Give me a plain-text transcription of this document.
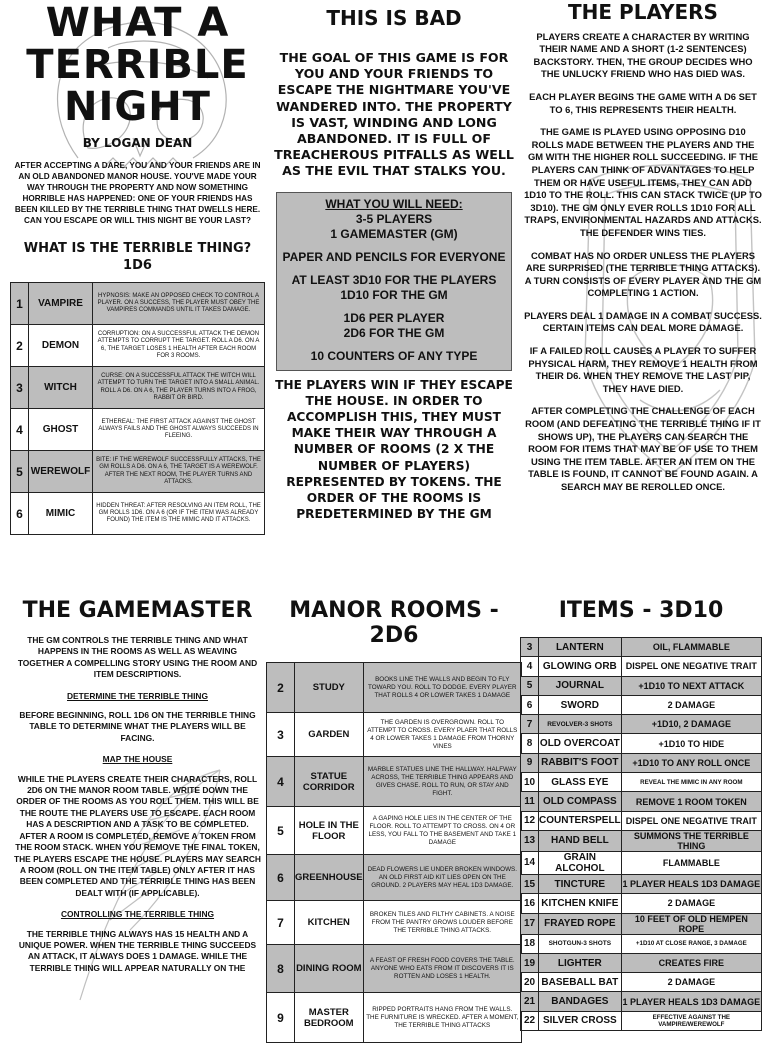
WHAT A TERRIBLE NIGHT
BY LOGAN DEAN
AFTER ACCEPTING A DARE, YOU AND YOUR FRIENDS ARE IN AN OLD ABANDONED MANOR HOUSE. YOU'VE MADE YOUR WAY THROUGH THE PROPERTY AND NOW SOMETHING HORRIBLE HAS HAPPENED: ONE OF YOUR FRIENDS HAS BEEN KILLED BY THE TERRIBLE THING THAT DWELLS HERE. CAN YOU ESCAPE OR WILL THIS NIGHT BE YOUR LAST?
WHAT IS THE TERRIBLE THING?
1D6
1	VAMPIRE	HYPNOSIS: MAKE AN OPPOSED CHECK TO CONTROL A PLAYER. ON A SUCCESS, THE PLAYER MUST OBEY THE VAMPIRES COMMANDS UNTIL IT TAKES DAMAGE.
2	DEMON	CORRUPTION: ON A SUCCESSFUL ATTACK THE DEMON ATTEMPTS TO CORRUPT THE TARGET. ROLL A D6. ON A 6, THE TARGET LOSES 1 HEALTH AFTER EACH ROOM FOR 3 ROOMS.
3	WITCH	CURSE: ON A SUCCESSFUL ATTACK THE WITCH WILL ATTEMPT TO TURN THE TARGET INTO A SMALL ANIMAL. ROLL A D6. ON A 6, THE PLAYER TURNS INTO A FROG, RABBIT OR BIRD.
4	GHOST	ETHEREAL: THE FIRST ATTACK AGAINST THE GHOST ALWAYS FAILS AND THE GHOST ALWAYS SUCCEEDS IN FLEEING.
5	WEREWOLF	BITE: IF THE WEREWOLF SUCCESSFULLY ATTACKS, THE GM ROLLS A D6. ON A 6, THE TARGET IS A WEREWOLF. AFTER THE NEXT ROOM, THE PLAYER TURNS AND ATTACKS.
6	MIMIC	HIDDEN THREAT: AFTER RESOLVING AN ITEM ROLL, THE GM ROLLS 1D6. ON A 6 (OR IF THE ITEM WAS ALREADY FOUND) THE ITEM IS THE MIMIC AND IT ATTACKS.
THIS IS BAD
THE GOAL OF THIS GAME IS FOR YOU AND YOUR FRIENDS TO ESCAPE THE NIGHTMARE YOU'VE WANDERED INTO. THE PROPERTY IS VAST, WINDING AND LONG ABANDONED. IT IS FULL OF TREACHEROUS PITFALLS AS WELL AS THE EVIL THAT STALKS YOU.
WHAT YOU WILL NEED:
3-5 PLAYERS
1 GAMEMASTER (GM)
PAPER AND PENCILS FOR EVERYONE
AT LEAST 3D10 FOR THE PLAYERS
1D10 FOR THE GM
1D6 PER PLAYER
2D6 FOR THE GM
10 COUNTERS OF ANY TYPE
THE PLAYERS WIN IF THEY ESCAPE THE HOUSE. IN ORDER TO ACCOMPLISH THIS, THEY MUST MAKE THEIR WAY THROUGH A NUMBER OF ROOMS (2 X THE NUMBER OF PLAYERS) REPRESENTED BY TOKENS. THE ORDER OF THE ROOMS IS PREDETERMINED BY THE GM
THE PLAYERS
PLAYERS CREATE A CHARACTER BY WRITING THEIR NAME AND A SHORT (1-2 SENTENCES) BACKSTORY. THEN, THE GROUP DECIDES WHO THE UNLUCKY FRIEND WHO HAS DIED WAS.
EACH PLAYER BEGINS THE GAME WITH A D6 SET TO 6, THIS REPRESENTS THEIR HEALTH.
THE GAME IS PLAYED USING OPPOSING D10 ROLLS MADE BETWEEN THE PLAYERS AND THE GM WITH THE HIGHER ROLL SUCCEEDING. IF THE PLAYERS CAN THINK OF ADVANTAGES TO HELP THEM OR HAVE USEFUL ITEMS, THEY CAN ADD 1D10 TO THE ROLL. THIS CAN STACK TWICE (UP TO 3D10). THE GM ONLY EVER ROLLS 1D10 FOR ALL TRAPS, ENVIRONMENTAL HAZARDS AND ATTACKS. THE DEFENDER WINS TIES.
COMBAT HAS NO ORDER UNLESS THE PLAYERS ARE SURPRISED (THE TERRIBLE THING ATTACKS). A TURN CONSISTS OF EVERY PLAYER AND THE GM COMPLETING 1 ACTION.
PLAYERS DEAL 1 DAMAGE IN A COMBAT SUCCESS. CERTAIN ITEMS CAN DEAL MORE DAMAGE.
IF A FAILED ROLL CAUSES A PLAYER TO SUFFER PHYSICAL HARM, THEY REMOVE 1 HEALTH FROM THEIR D6. WHEN THEY REMOVE THE LAST PIP, THEY HAVE DIED.
AFTER COMPLETING THE CHALLENGE OF EACH ROOM (AND DEFEATING THE TERRIBLE THING IF IT SHOWS UP), THE PLAYERS CAN SEARCH THE ROOM FOR ITEMS THAT MAY BE OF USE TO THEM USING THE ITEM TABLE. AFTER AN ITEM ON THE TABLE IS FOUND, IT CANNOT BE FOUND AGAIN. A SEARCH MAY BE REROLLED ONCE.
THE GAMEMASTER
THE GM CONTROLS THE TERRIBLE THING AND WHAT HAPPENS IN THE ROOMS AS WELL AS WEAVING TOGETHER A COMPELLING STORY USING THE ROOM AND ITEM DESCRIPTIONS.
DETERMINE THE TERRIBLE THING
BEFORE BEGINNING, ROLL 1D6 ON THE TERRIBLE THING TABLE TO DETERMINE WHAT THE PLAYERS WILL BE FACING.
MAP THE HOUSE
WHILE THE PLAYERS CREATE THEIR CHARACTERS, ROLL 2D6 ON THE MANOR ROOM TABLE. WRITE DOWN THE ORDER OF THE ROOMS AS YOU ROLL THEM. THIS WILL BE THE ROUTE THE PLAYERS USE TO ESCAPE. EACH ROOM HAS A DESCRIPTION AND A TASK TO BE COMPLETED. AFTER A ROOM IS COMPLETED, REMOVE A TOKEN FROM THE ROOM STACK. WHEN YOU REMOVE THE FINAL TOKEN, THE PLAYERS ESCAPE THE HOUSE. PLAYERS MAY SEARCH A ROOM (ROLL ON THE ITEM TABLE) ONLY AFTER IT HAS BEEN COMPLETED AND THE TERRIBLE THING HAS BEEN DEALT WITH (IF APPLICABLE).
CONTROLLING THE TERRIBLE THING
THE TERRIBLE THING ALWAYS HAS 15 HEALTH AND A UNIQUE POWER. WHEN THE TERRIBLE THING SUCCEEDS AN ATTACK, IT ALWAYS DOES 1 DAMAGE. WHILE THE TERRIBLE THING WILL APPEAR NATURALLY ON THE
MANOR ROOMS - 2D6
2	STUDY	BOOKS LINE THE WALLS AND BEGIN TO FLY TOWARD YOU. ROLL TO DODGE. EVERY PLAYER THAT ROLLS 4 OR LOWER TAKES 1 DAMAGE
3	GARDEN	THE GARDEN IS OVERGROWN. ROLL TO ATTEMPT TO CROSS. EVERY PLAER THAT ROLLS 4 OR LOWER TAKES 1 DAMAGE FROM THORNY VINES
4	STATUE CORRIDOR	MARBLE STATUES LINE THE HALLWAY. HALFWAY ACROSS, THE TERRIBLE THING APPEARS AND GIVES CHASE. ROLL TO RUN, OR STAY AND FIGHT.
5	HOLE IN THE FLOOR	A GAPING HOLE LIES IN THE CENTER OF THE FLOOR. ROLL TO ATTEMPT TO CROSS. ON 4 OR LESS, YOU FALL TO THE BASEMENT AND TAKE 1 DAMAGE
6	GREENHOUSE	DEAD FLOWERS LIE UNDER BROKEN WINDOWS. AN OLD FIRST AID KIT LIES OPEN ON THE GROUND. 2 PLAYERS MAY HEAL 1D3 DAMAGE.
7	KITCHEN	BROKEN TILES AND FILTHY CABINETS. A NOISE FROM THE PANTRY GROWS LOUDER BEFORE THE TERRIBLE THING ATTACKS.
8	DINING ROOM	A FEAST OF FRESH FOOD COVERS THE TABLE. ANYONE WHO EATS FROM IT DISCOVERS IT IS ROTTEN AND LOSES 1 HEALTH.
9	MASTER BEDROOM	RIPPED PORTRAITS HANG FROM THE WALLS. THE FURNITURE IS WRECKED. AFTER A MOMENT, THE TERRIBLE THING ATTACKS
ITEMS - 3D10
3	LANTERN	OIL, FLAMMABLE
4	GLOWING ORB	DISPEL ONE NEGATIVE TRAIT
5	JOURNAL	+1D10 TO NEXT ATTACK
6	SWORD	2 DAMAGE
7	REVOLVER-3 SHOTS	+1D10, 2 DAMAGE
8	OLD OVERCOAT	+1D10 TO HIDE
9	RABBIT'S FOOT	+1D10 TO ANY ROLL ONCE
10	GLASS EYE	REVEAL THE MIMIC IN ANY ROOM
11	OLD COMPASS	REMOVE 1 ROOM TOKEN
12	COUNTERSPELL	DISPEL ONE NEGATIVE TRAIT
13	HAND BELL	SUMMONS THE TERRIBLE THING
14	GRAIN ALCOHOL	FLAMMABLE
15	TINCTURE	1 PLAYER HEALS 1D3 DAMAGE
16	KITCHEN KNIFE	2 DAMAGE
17	FRAYED ROPE	10 FEET OF OLD HEMPEN ROPE
18	SHOTGUN-3 SHOTS	+1D10 AT CLOSE RANGE, 3 DAMAGE
19	LIGHTER	CREATES FIRE
20	BASEBALL BAT	2 DAMAGE
21	BANDAGES	1 PLAYER HEALS 1D3 DAMAGE
22	SILVER CROSS	EFFECTIVE AGAINST THE VAMPIRE/WEREWOLF
